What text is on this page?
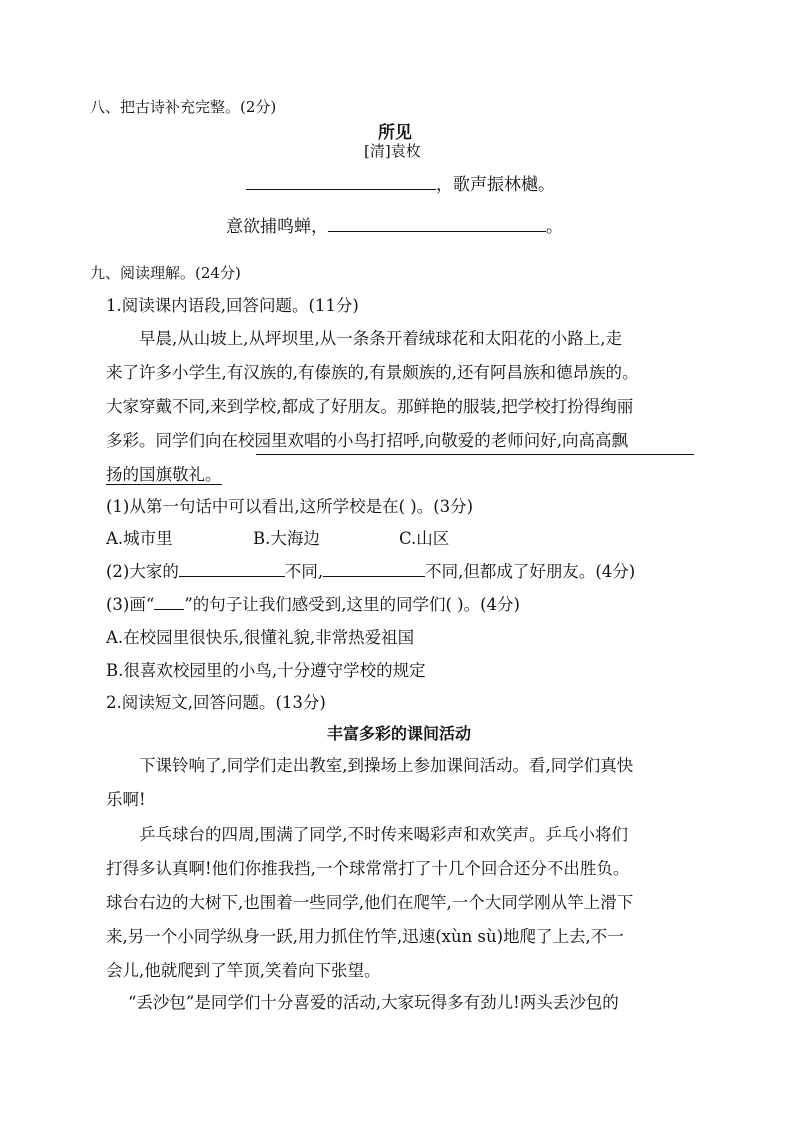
八、把古诗补充完整。(2分)
所见
[清]袁枚
，歌声振林樾。
意欲捕鸣蝉，	。
九、阅读理解。(24分)
1.阅读课内语段,回答问题。(11分)
早晨,从山坡上,从坪坝里,从一条条开着绒球花和太阳花的小路上,走
来了许多小学生,有汉族的,有傣族的,有景颇族的,还有阿昌族和德昂族的。
大家穿戴不同,来到学校,都成了好朋友。那鲜艳的服装,把学校打扮得绚丽
多彩。同学们向在校园里欢唱的小鸟打招呼,向敬爱的老师问好,向高高飘
扬的国旗敬礼。
(1)从第一句话中可以看出,这所学校是在( )。(3分)
A.城市里	B.大海边	C.山区
(2)大家的	不同,	不同,但都成了好朋友。(4分)
(3)画“ ”的句子让我们感受到,这里的同学们( )。(4分)
A.在校园里很快乐,很懂礼貌,非常热爱祖国
B.很喜欢校园里的小鸟,十分遵守学校的规定
2.阅读短文,回答问题。(13分)
丰富多彩的课间活动
下课铃响了,同学们走出教室,到操场上参加课间活动。看,同学们真快
乐啊!
乒乓球台的四周,围满了同学,不时传来喝彩声和欢笑声。乒乓小将们
打得多认真啊!他们你推我挡,一个球常常打了十几个回合还分不出胜负。
球台右边的大树下,也围着一些同学,他们在爬竿,一个大同学刚从竿上滑下
来,另一个小同学纵身一跃,用力抓住竹竿,迅速(xùn sù)地爬了上去,不一
会儿,他就爬到了竿顶,笑着向下张望。
“丢沙包”是同学们十分喜爱的活动,大家玩得多有劲儿!两头丢沙包的
